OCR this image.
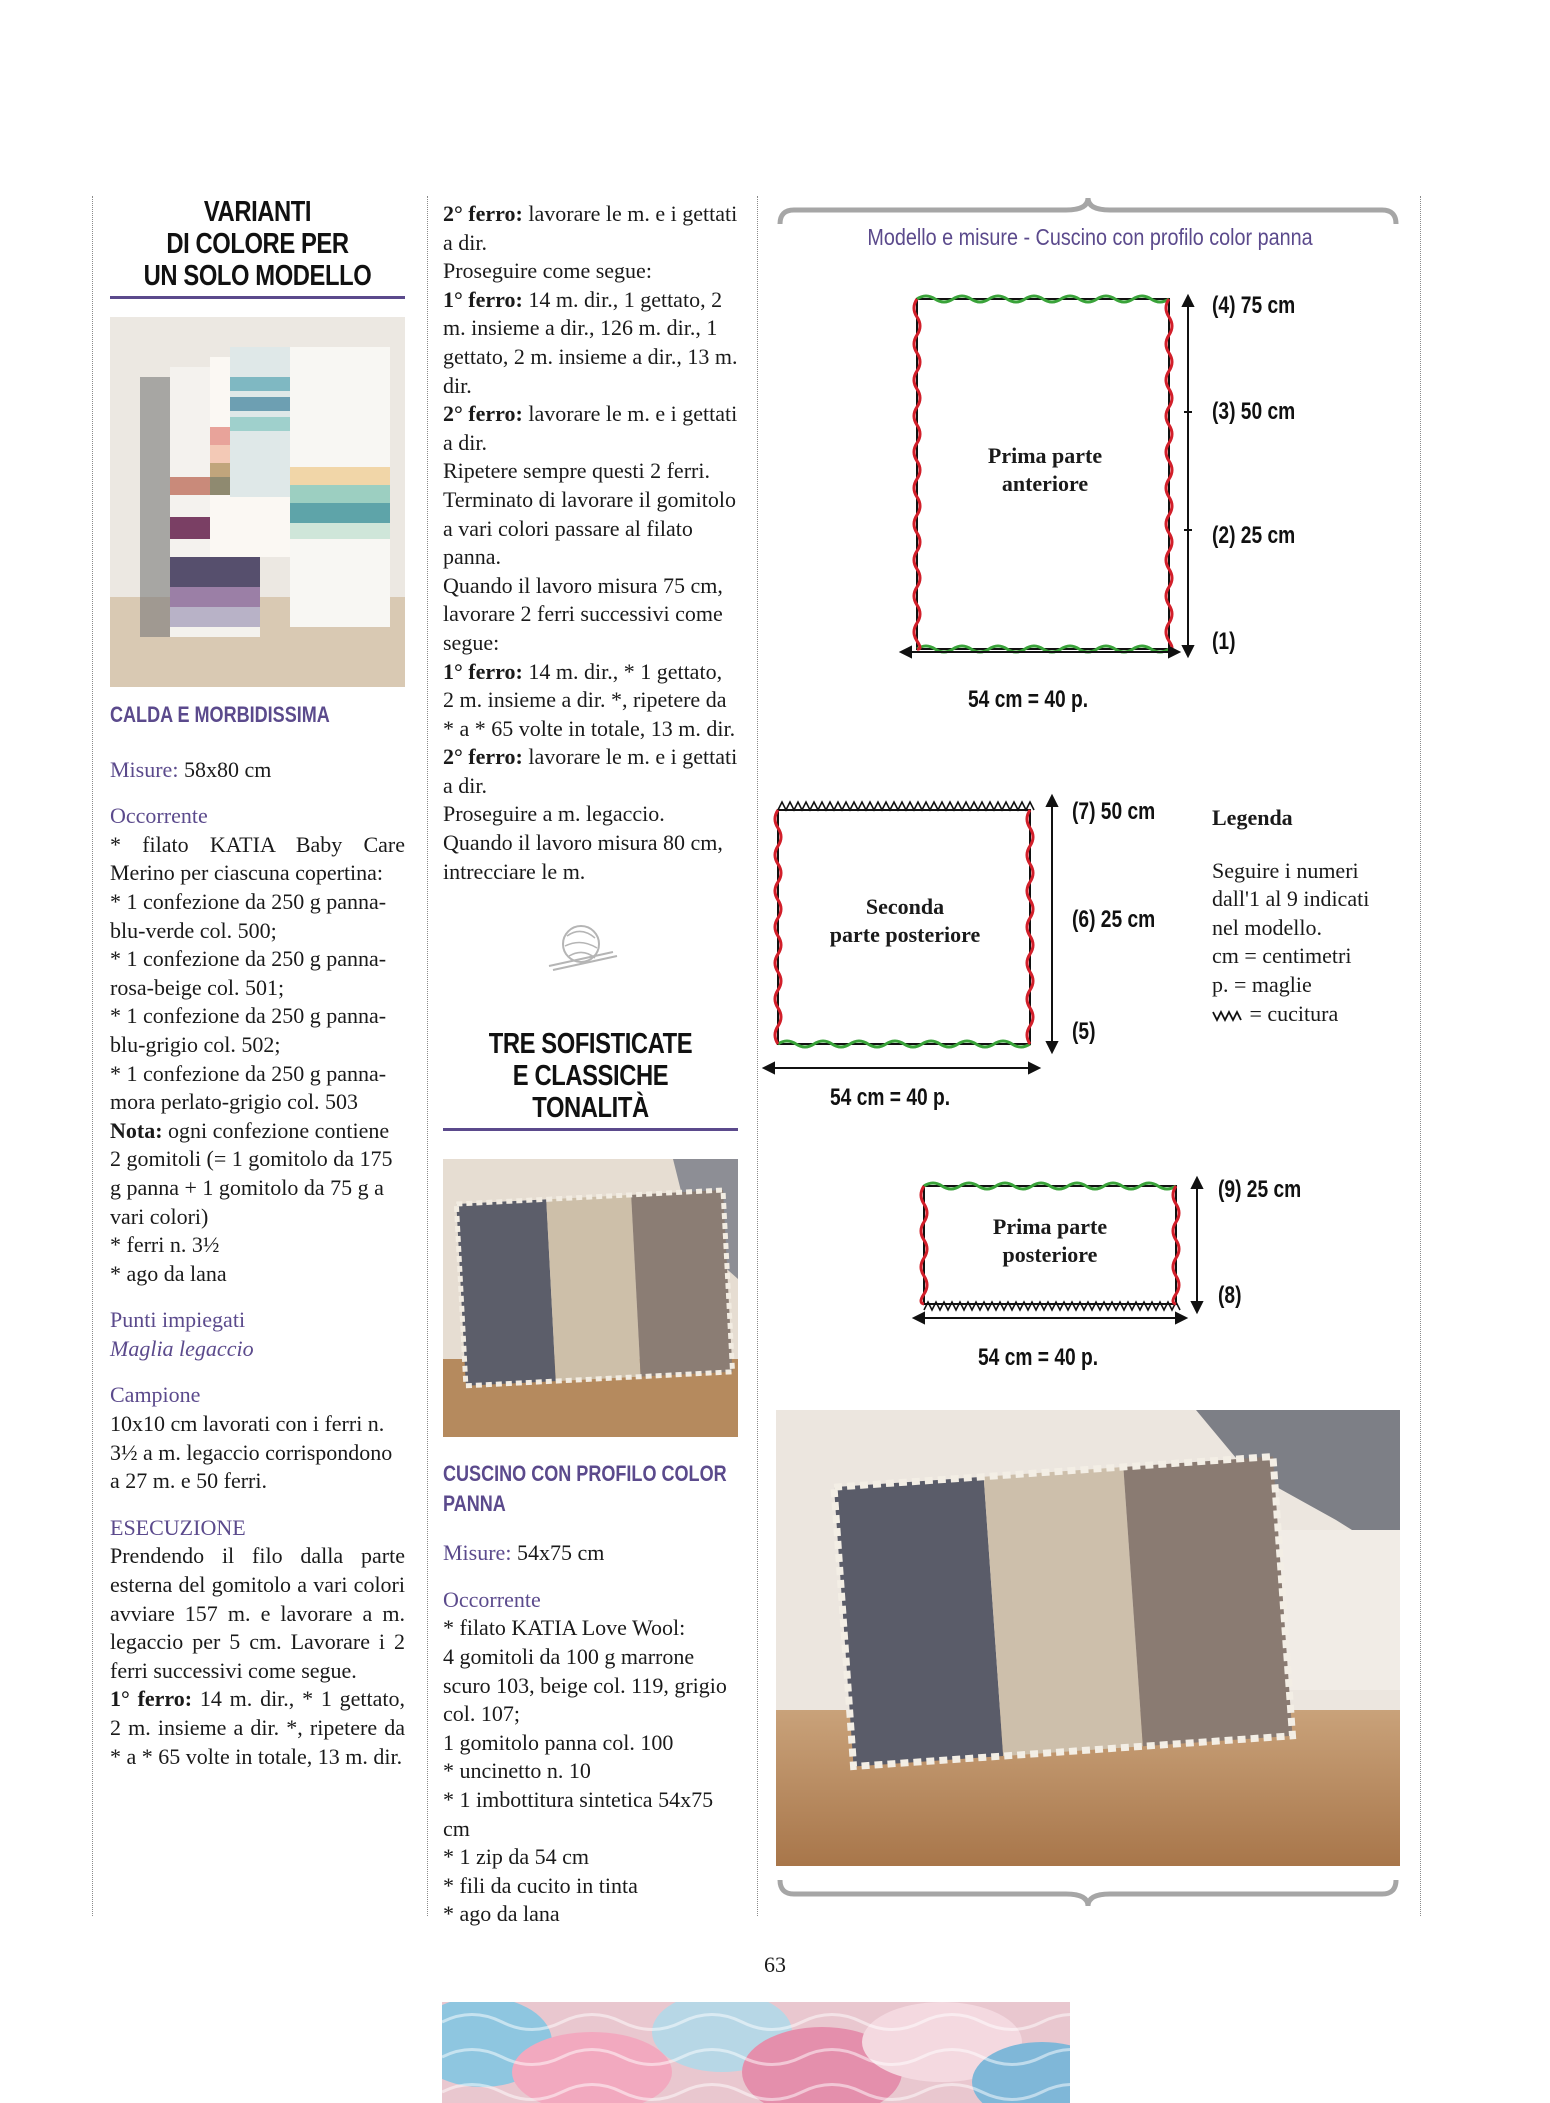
VARIANTI
DI COLORE PER
UN SOLO MODELLO

CALDA E MORBIDISSIMA

Misure: 58x80 cm

Occorrente

* filato KATIA Baby Care Merino per ciascuna copertina:

* 1 confezione da 250 g panna-blu-verde col. 500;

* 1 confezione da 250 g panna-rosa-beige col. 501;

* 1 confezione da 250 g panna-blu-grigio col. 502;

* 1 confezione da 250 g panna-mora perlato-grigio col. 503

Nota: ogni confezione contiene 2 gomitoli (= 1 gomitolo da 175 g panna + 1 gomitolo da 75 g a vari colori)

* ferri n. 3½

* ago da lana

Punti impiegati

Maglia legaccio

Campione

10x10 cm lavorati con i ferri n. 3½ a m. legaccio corrispondono a 27 m. e 50 ferri.

ESECUZIONE

Prendendo il filo dalla parte esterna del gomitolo a vari colori avviare 157 m. e lavorare a m. legaccio per 5 cm. Lavorare i 2 ferri successivi come segue.

1° ferro: 14 m. dir., * 1 gettato, 2 m. insieme a dir. *, ripetere da * a * 65 volte in totale, 13 m. dir.

2° ferro: lavorare le m. e i gettati a dir.

Proseguire come segue:

1° ferro: 14 m. dir., 1 gettato, 2 m. insieme a dir., 126 m. dir., 1 gettato, 2 m. insieme a dir., 13 m. dir.

2° ferro: lavorare le m. e i gettati a dir.

Ripetere sempre questi 2 ferri. Terminato di lavorare il gomitolo a vari colori passare al filato panna.

Quando il lavoro misura 75 cm, lavorare 2 ferri successivi come segue:

1° ferro: 14 m. dir., * 1 gettato, 2 m. insieme a dir. *, ripetere da * a * 65 volte in totale, 13 m. dir.

2° ferro: lavorare le m. e i gettati a dir.

Proseguire a m. legaccio.

Quando il lavoro misura 80 cm, intrecciare le m.

TRE SOFISTICATE
E CLASSICHE
TONALITÀ

CUSCINO CON PROFILO COLOR PANNA

Misure: 54x75 cm

Occorrente

* filato KATIA Love Wool:

4 gomitoli da 100 g marrone scuro 103, beige col. 119, grigio col. 107;

1 gomitolo panna col. 100

* uncinetto n. 10

* 1 imbottitura sintetica 54x75 cm

* 1 zip da 54 cm

* fili da cucito in tinta

* ago da lana

Modello e misure - Cuscino con profilo color panna
Prima parte
anteriore
Seconda
parte posteriore
Prima parte
posteriore
(4) 75 cm
(3) 50 cm
(2) 25 cm
(1)
54 cm = 40 p.
(7) 50 cm
(6) 25 cm
(5)
54 cm = 40 p.
(9) 25 cm
(8)
54 cm = 40 p.

Legenda

Seguire i numeri

dall'1 al 9 indicati

nel modello.

cm = centimetri

p. = maglie

= cucitura

63
